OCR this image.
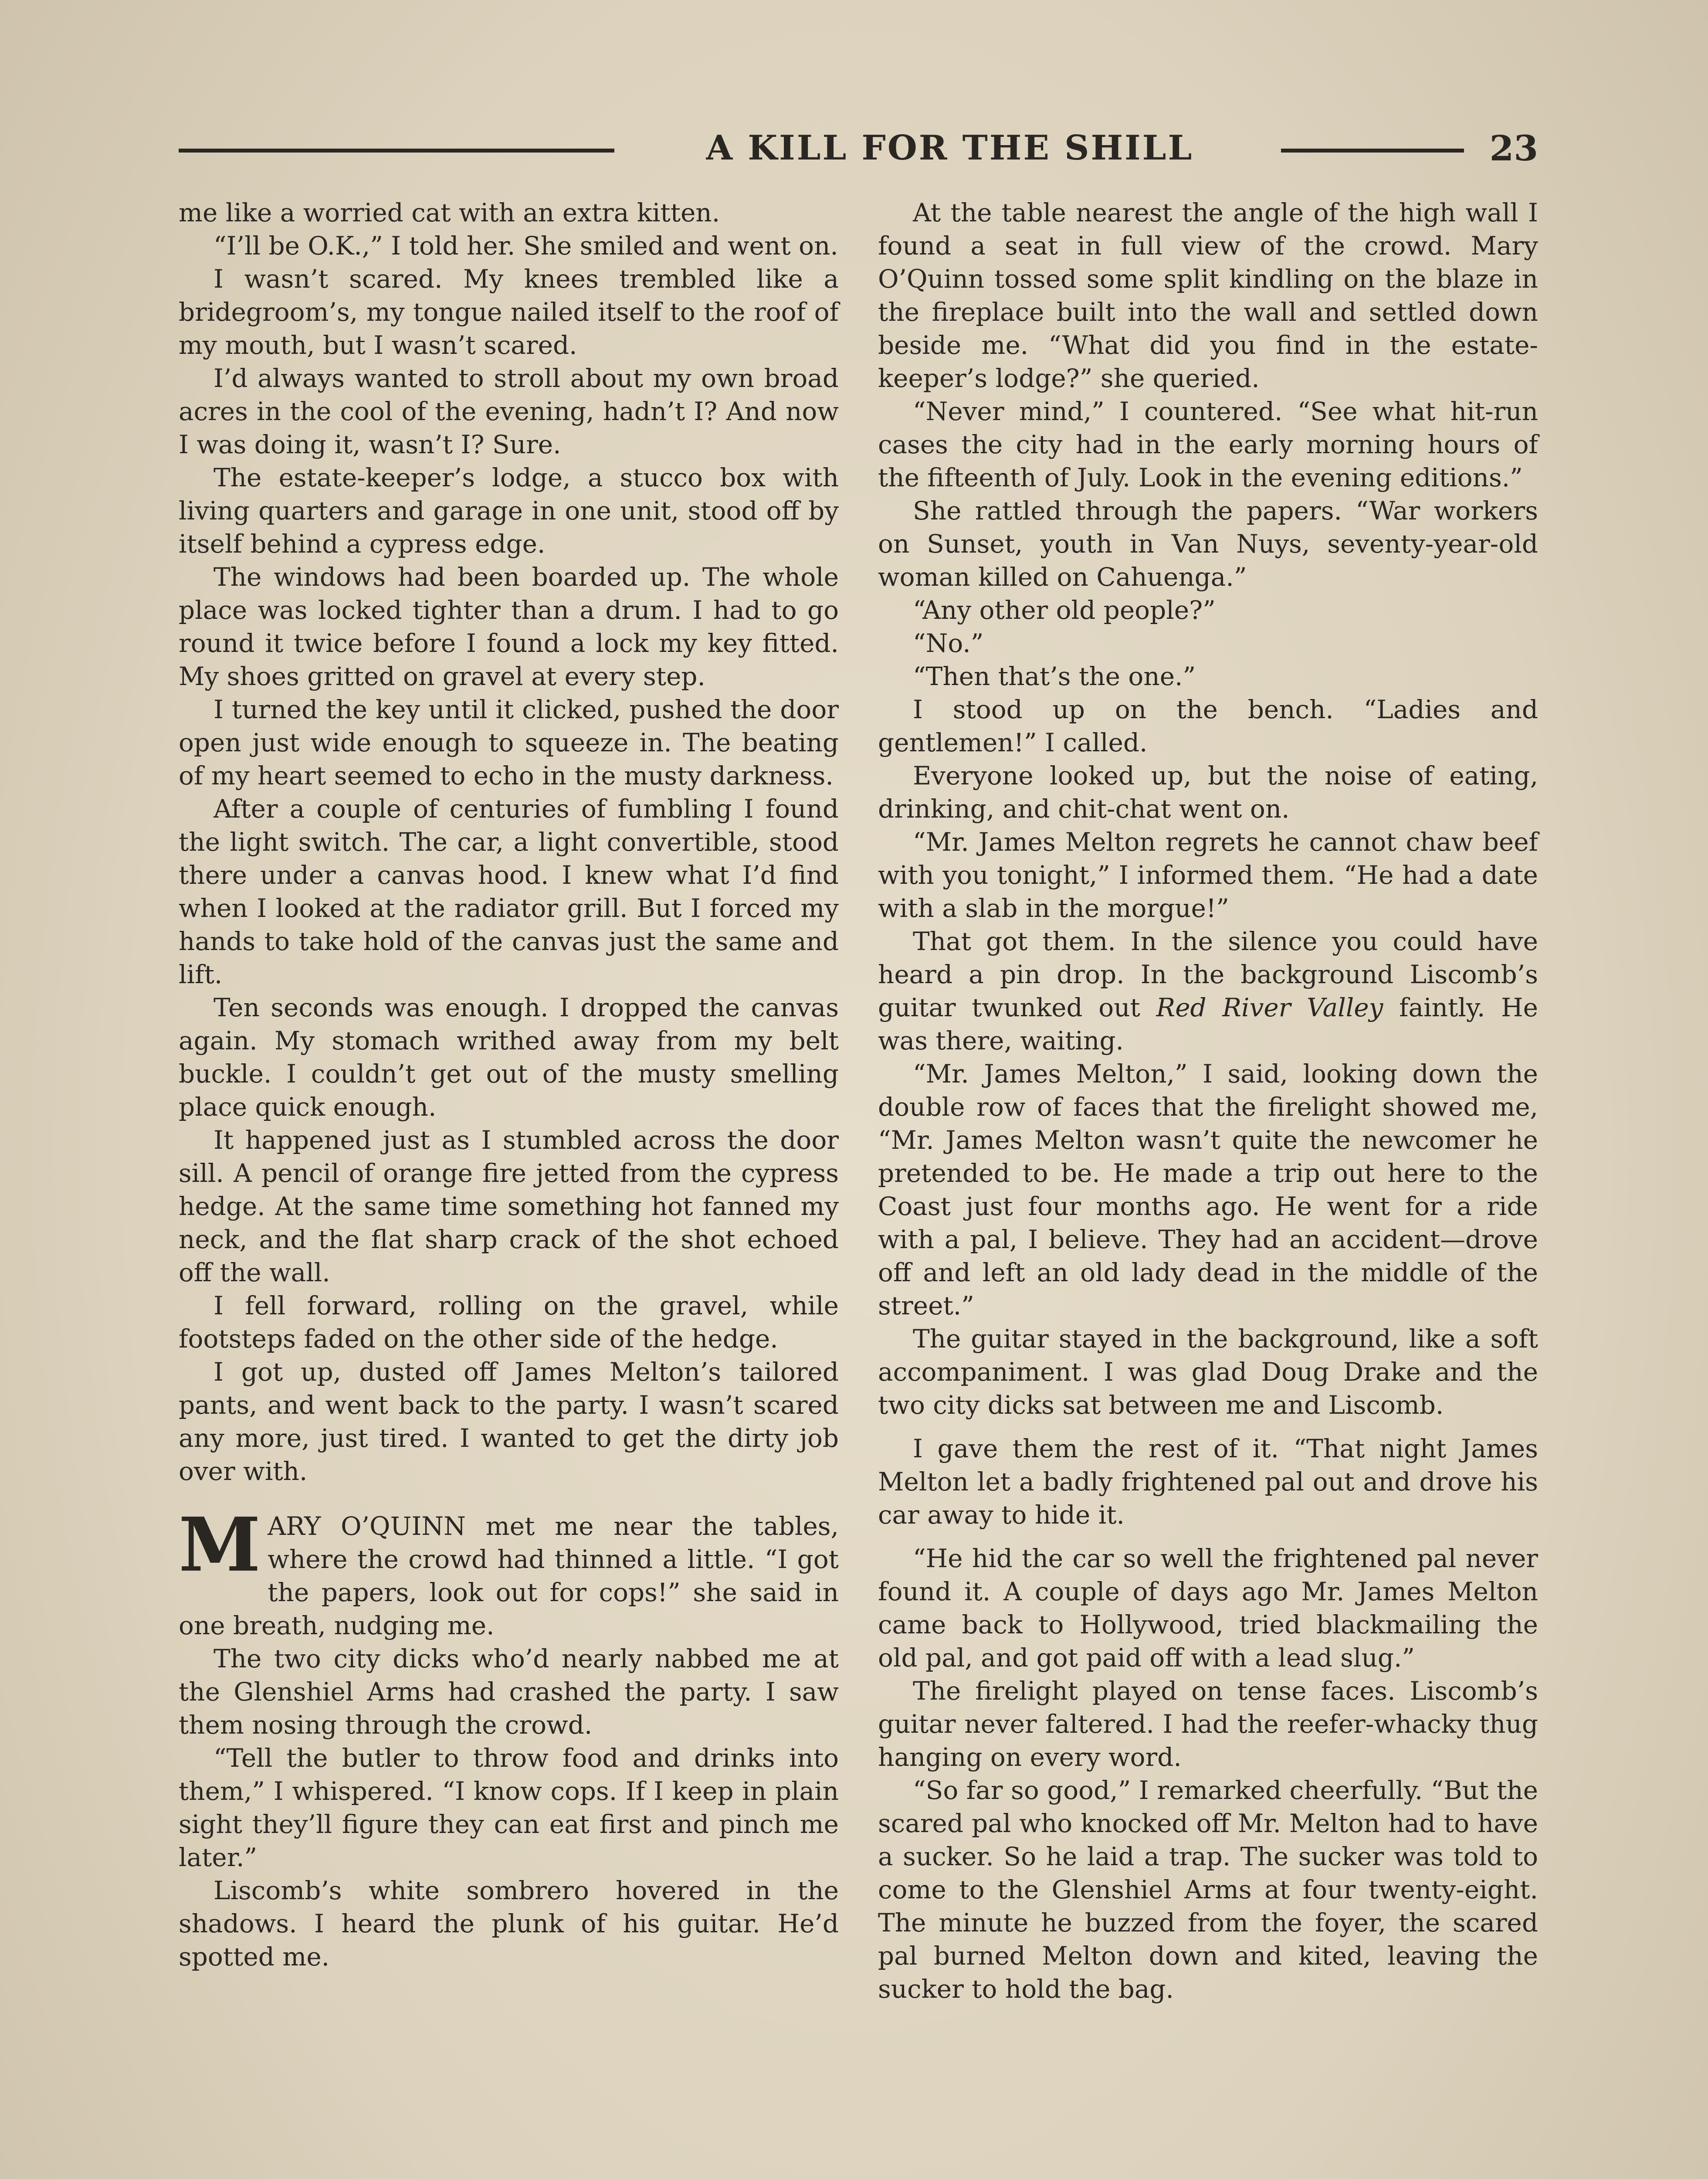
A KILL FOR THE SHILL	23

me like a worried cat with an extra kitten.

“I’ll be O.K.,” I told her. She smiled and went on.

I wasn’t scared. My knees trembled like a bridegroom’s, my tongue nailed itself to the roof of my mouth, but I wasn’t scared.

I’d always wanted to stroll about my own broad acres in the cool of the evening, hadn’t I? And now I was doing it, wasn’t I? Sure.

The estate-keeper’s lodge, a stucco box with living quarters and garage in one unit, stood off by itself behind a cypress edge.

The windows had been boarded up. The whole place was locked tighter than a drum. I had to go round it twice before I found a lock my key fitted. My shoes gritted on gravel at every step.

I turned the key until it clicked, pushed the door open just wide enough to squeeze in. The beating of my heart seemed to echo in the musty darkness.

After a couple of centuries of fumbling I found the light switch. The car, a light convertible, stood there under a canvas hood. I knew what I’d find when I looked at the radiator grill. But I forced my hands to take hold of the canvas just the same and lift.

Ten seconds was enough. I dropped the canvas again. My stomach writhed away from my belt buckle. I couldn’t get out of the musty smelling place quick enough.

It happened just as I stumbled across the door sill. A pencil of orange fire jetted from the cypress hedge. At the same time something hot fanned my neck, and the flat sharp crack of the shot echoed off the wall.

I fell forward, rolling on the gravel, while footsteps faded on the other side of the hedge.

I got up, dusted off James Melton’s tailored pants, and went back to the party. I wasn’t scared any more, just tired. I wanted to get the dirty job over with.

MARY O’QUINN met me near the tables, where the crowd had thinned a little. “I got the papers, look out for cops!” she said in one breath, nudging me.

The two city dicks who’d nearly nabbed me at the Glenshiel Arms had crashed the party. I saw them nosing through the crowd.

“Tell the butler to throw food and drinks into them,” I whispered. “I know cops. If I keep in plain sight they’ll figure they can eat first and pinch me later.”

Liscomb’s white sombrero hovered in the shadows. I heard the plunk of his guitar. He’d spotted me.

At the table nearest the angle of the high wall I found a seat in full view of the crowd. Mary O’Quinn tossed some split kindling on the blaze in the fireplace built into the wall and settled down beside me. “What did you find in the estate-keeper’s lodge?” she queried.

“Never mind,” I countered. “See what hit-run cases the city had in the early morning hours of the fifteenth of July. Look in the evening editions.”

She rattled through the papers. “War workers on Sunset, youth in Van Nuys, seventy-year-old woman killed on Cahuenga.”

“Any other old people?”

“No.”

“Then that’s the one.”

I stood up on the bench. “Ladies and gentlemen!” I called.

Everyone looked up, but the noise of eating, drinking, and chit-chat went on.

“Mr. James Melton regrets he cannot chaw beef with you tonight,” I informed them. “He had a date with a slab in the morgue!”

That got them. In the silence you could have heard a pin drop. In the background Liscomb’s guitar twunked out Red River Valley faintly. He was there, waiting.

“Mr. James Melton,” I said, looking down the double row of faces that the firelight showed me, “Mr. James Melton wasn’t quite the newcomer he pretended to be. He made a trip out here to the Coast just four months ago. He went for a ride with a pal, I believe. They had an accident—drove off and left an old lady dead in the middle of the street.”

The guitar stayed in the background, like a soft accompaniment. I was glad Doug Drake and the two city dicks sat between me and Liscomb.

I gave them the rest of it. “That night James Melton let a badly frightened pal out and drove his car away to hide it.

“He hid the car so well the frightened pal never found it. A couple of days ago Mr. James Melton came back to Hollywood, tried blackmailing the old pal, and got paid off with a lead slug.”

The firelight played on tense faces. Liscomb’s guitar never faltered. I had the reefer-whacky thug hanging on every word.

“So far so good,” I remarked cheerfully. “But the scared pal who knocked off Mr. Melton had to have a sucker. So he laid a trap. The sucker was told to come to the Glenshiel Arms at four twenty-eight. The minute he buzzed from the foyer, the scared pal burned Melton down and kited, leaving the sucker to hold the bag.
